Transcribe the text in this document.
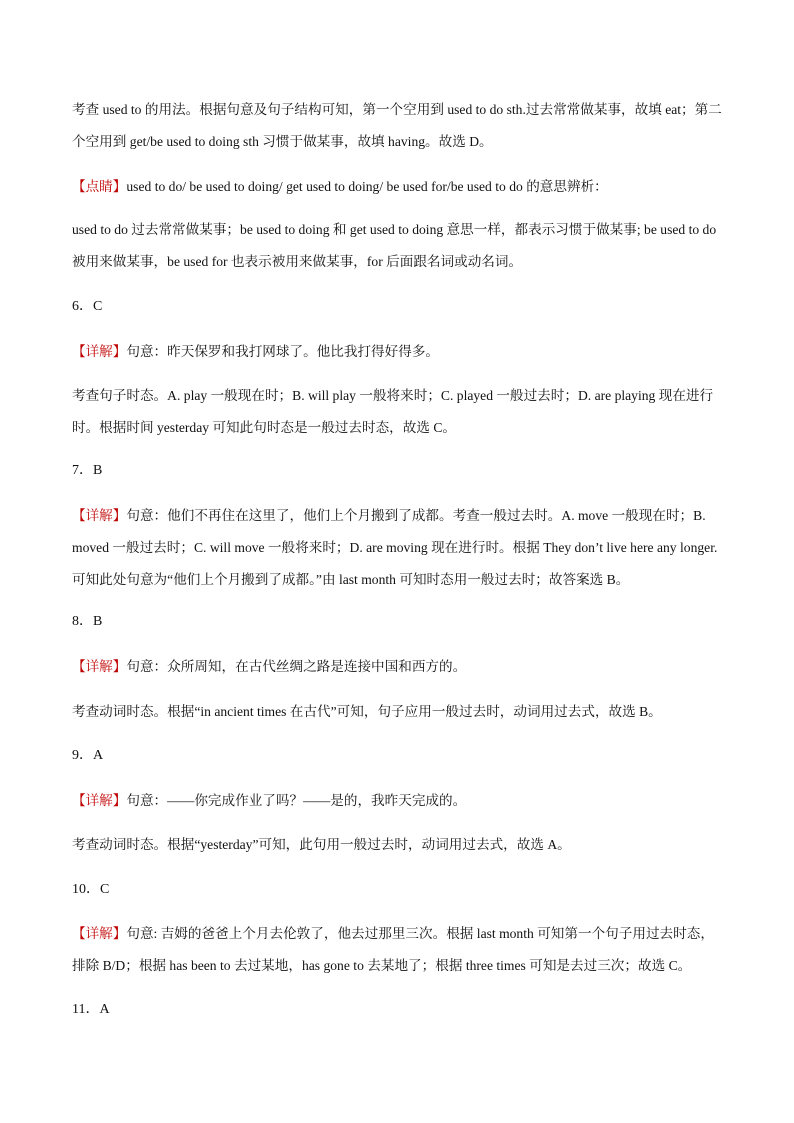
考查 used to 的用法。根据句意及句子结构可知，第一个空用到 used to do sth.过去常常做某事，故填 eat；第二个空用到 get/be used to doing sth 习惯于做某事，故填 having。故选 D。

【点睛】used to do/ be used to doing/ get used to doing/ be used for/be used to do 的意思辨析：

used to do 过去常常做某事；be used to doing 和 get used to doing 意思一样，都表示习惯于做某事; be used to do 被用来做某事，be used for 也表示被用来做某事，for 后面跟名词或动名词。

6．C

【详解】句意：昨天保罗和我打网球了。他比我打得好得多。

考查句子时态。A. play 一般现在时；B. will play 一般将来时；C. played 一般过去时；D. are playing 现在进行时。根据时间 yesterday 可知此句时态是一般过去时态，故选 C。

7．B

【详解】句意：他们不再住在这里了，他们上个月搬到了成都。考查一般过去时。A. move 一般现在时；B. moved 一般过去时；C. will move 一般将来时；D. are moving 现在进行时。根据 They don’t live here any longer.可知此处句意为“他们上个月搬到了成都。”由 last month 可知时态用一般过去时；故答案选 B。

8．B

【详解】句意：众所周知，在古代丝绸之路是连接中国和西方的。

考查动词时态。根据“in ancient times 在古代”可知，句子应用一般过去时，动词用过去式，故选 B。

9．A

【详解】句意：——你完成作业了吗？——是的，我昨天完成的。

考查动词时态。根据“yesterday”可知，此句用一般过去时，动词用过去式，故选 A。

10．C

【详解】句意: 吉姆的爸爸上个月去伦敦了，他去过那里三次。根据 last month 可知第一个句子用过去时态，排除 B/D；根据 has been to 去过某地，has gone to 去某地了；根据 three times 可知是去过三次；故选 C。

11．A
